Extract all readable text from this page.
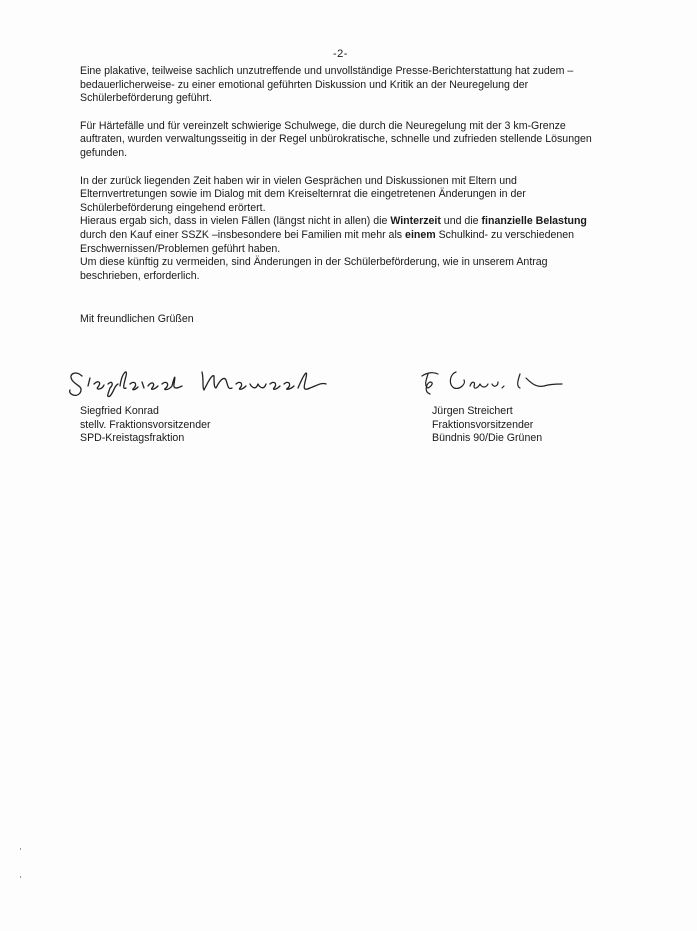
-2-

Eine plakative, teilweise sachlich unzutreffende und unvollständige Presse-Berichterstattung hat zudem –bedauerlicherweise- zu einer emotional geführten Diskussion und Kritik an der Neuregelung der Schülerbeförderung geführt.

Für Härtefälle und für vereinzelt schwierige Schulwege, die durch die Neuregelung mit der 3 km-Grenze auftraten, wurden verwaltungsseitig in der Regel unbürokratische, schnelle und zufrieden stellende Lösungen gefunden.

In der zurück liegenden Zeit haben wir in vielen Gesprächen und Diskussionen mit Eltern und Elternvertretungen sowie im Dialog mit dem Kreiselternrat die eingetretenen Änderungen in der Schülerbeförderung eingehend erörtert.

Hieraus ergab sich, dass in vielen Fällen (längst nicht in allen) die Winterzeit und die finanzielle Belastung durch den Kauf einer SSZK –insbesondere bei Familien mit mehr als einem Schulkind- zu verschiedenen Erschwernissen/Problemen geführt haben.

Um diese künftig zu vermeiden, sind Änderungen in der Schülerbeförderung, wie in unserem Antrag beschrieben, erforderlich.

Mit freundlichen Grüßen
Siegfried Konrad
stellv. Fraktionsvorsitzender
SPD-Kreistagsfraktion
Jürgen Streichert
Fraktionsvorsitzender
Bündnis 90/Die Grünen
